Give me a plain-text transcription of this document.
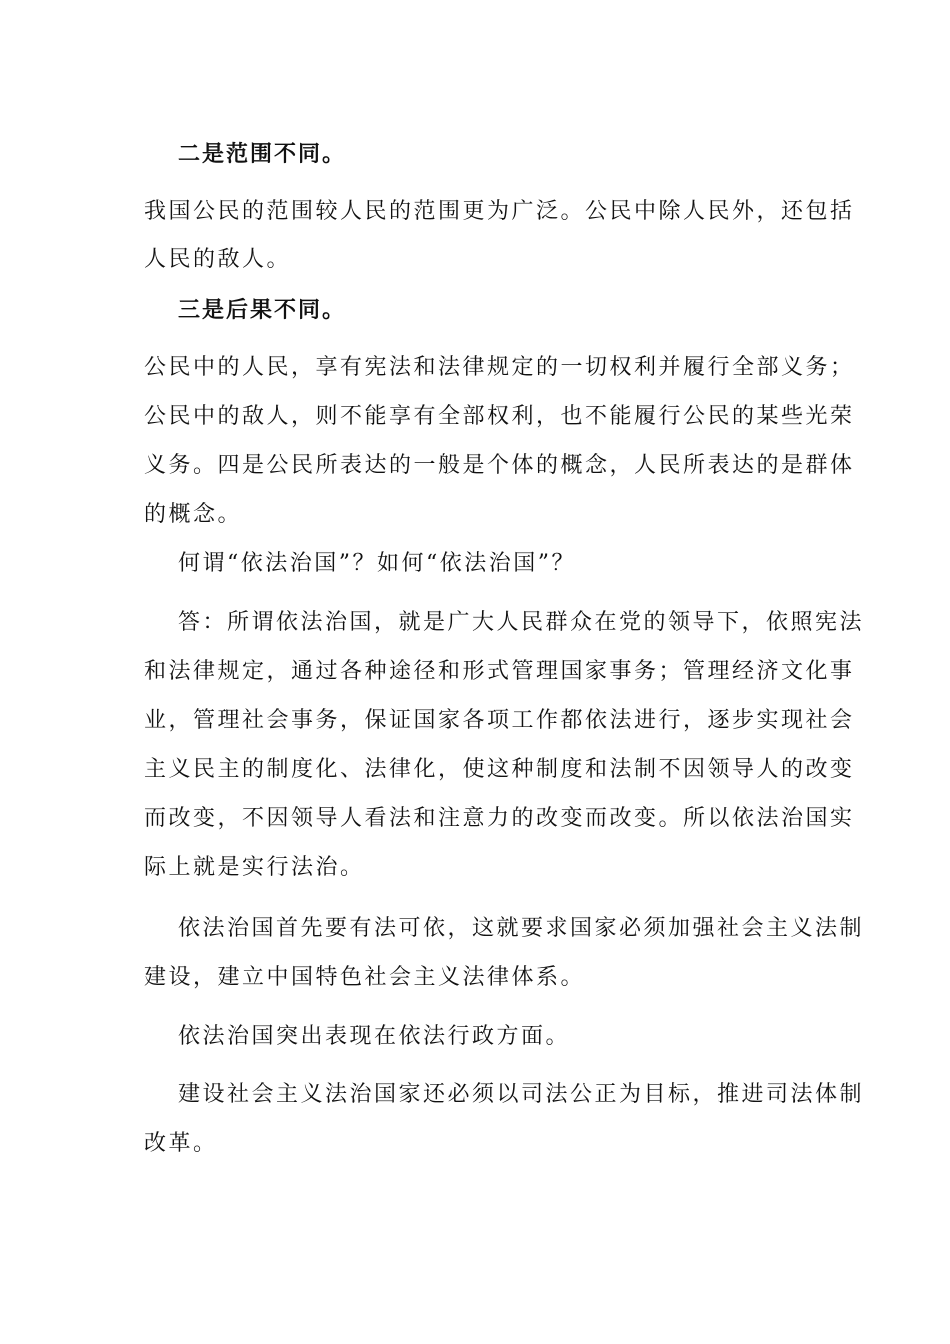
二是范围不同。
我国公民的范围较人民的范围更为广泛。公民中除人民外，还包括
人民的敌人。
三是后果不同。
公民中的人民，享有宪法和法律规定的一切权利并履行全部义务；
公民中的敌人，则不能享有全部权利，也不能履行公民的某些光荣
义务。四是公民所表达的一般是个体的概念，人民所表达的是群体
的概念。
何谓“依法治国”？如何“依法治国”？
答：所谓依法治国，就是广大人民群众在党的领导下，依照宪法
和法律规定，通过各种途径和形式管理国家事务；管理经济文化事
业，管理社会事务，保证国家各项工作都依法进行，逐步实现社会
主义民主的制度化、法律化，使这种制度和法制不因领导人的改变
而改变，不因领导人看法和注意力的改变而改变。所以依法治国实
际上就是实行法治。
依法治国首先要有法可依，这就要求国家必须加强社会主义法制
建设，建立中国特色社会主义法律体系。
依法治国突出表现在依法行政方面。
建设社会主义法治国家还必须以司法公正为目标，推进司法体制
改革。
